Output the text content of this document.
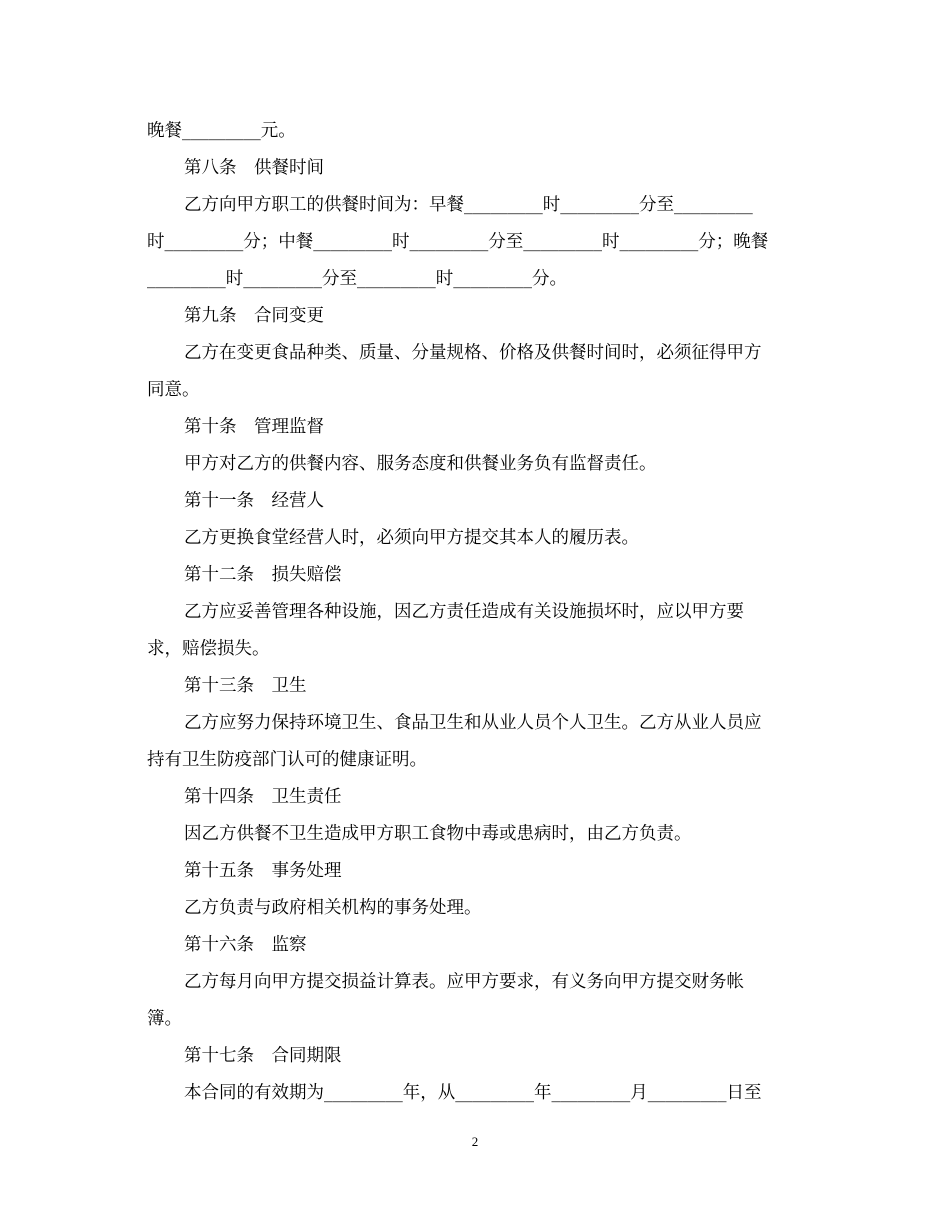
晚餐_________元。
第八条　供餐时间
乙方向甲方职工的供餐时间为：早餐_________时_________分至_________
时_________分；中餐_________时_________分至_________时_________分；晚餐
_________时_________分至_________时_________分。
第九条　合同变更
乙方在变更食品种类、质量、分量规格、价格及供餐时间时，必须征得甲方
同意。
第十条　管理监督
甲方对乙方的供餐内容、服务态度和供餐业务负有监督责任。
第十一条　经营人
乙方更换食堂经营人时，必须向甲方提交其本人的履历表。
第十二条　损失赔偿
乙方应妥善管理各种设施，因乙方责任造成有关设施损坏时，应以甲方要
求，赔偿损失。
第十三条　卫生
乙方应努力保持环境卫生、食品卫生和从业人员个人卫生。乙方从业人员应
持有卫生防疫部门认可的健康证明。
第十四条　卫生责任
因乙方供餐不卫生造成甲方职工食物中毒或患病时，由乙方负责。
第十五条　事务处理
乙方负责与政府相关机构的事务处理。
第十六条　监察
乙方每月向甲方提交损益计算表。应甲方要求，有义务向甲方提交财务帐
簿。
第十七条　合同期限
本合同的有效期为_________年，从_________年_________月_________日至
2
